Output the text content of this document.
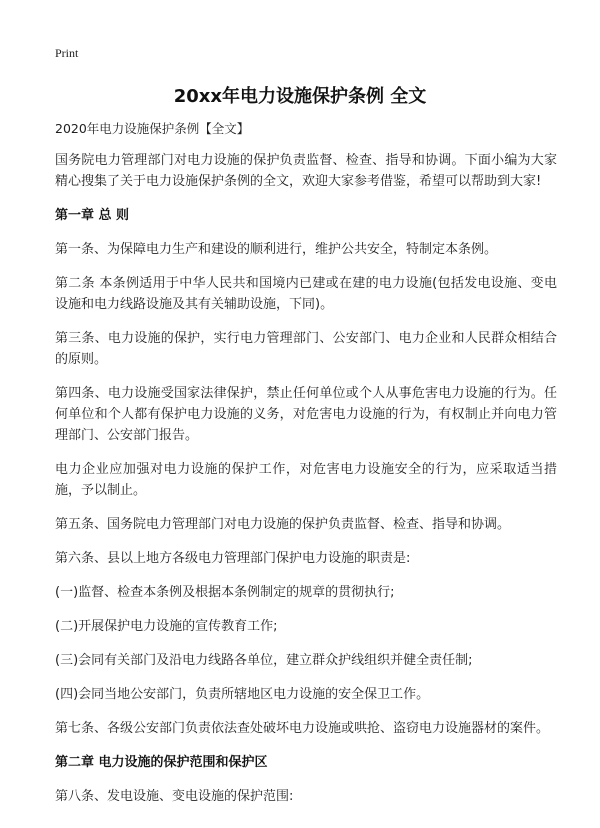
Print
20xx年电力设施保护条例 全文

2020年电力设施保护条例【全文】

国务院电力管理部门对电力设施的保护负责监督、检查、指导和协调。下面小编为大家精心搜集了关于电力设施保护条例的全文，欢迎大家参考借鉴，希望可以帮助到大家!

第一章 总 则

第一条、为保障电力生产和建设的顺利进行，维护公共安全，特制定本条例。

第二条 本条例适用于中华人民共和国境内已建或在建的电力设施(包括发电设施、变电设施和电力线路设施及其有关辅助设施，下同)。

第三条、电力设施的保护，实行电力管理部门、公安部门、电力企业和人民群众相结合的原则。

第四条、电力设施受国家法律保护，禁止任何单位或个人从事危害电力设施的行为。任何单位和个人都有保护电力设施的义务，对危害电力设施的行为，有权制止并向电力管理部门、公安部门报告。

电力企业应加强对电力设施的保护工作，对危害电力设施安全的行为，应采取适当措施，予以制止。

第五条、国务院电力管理部门对电力设施的保护负责监督、检查、指导和协调。

第六条、县以上地方各级电力管理部门保护电力设施的职责是:

(一)监督、检查本条例及根据本条例制定的规章的贯彻执行;

(二)开展保护电力设施的宣传教育工作;

(三)会同有关部门及沿电力线路各单位，建立群众护线组织并健全责任制;

(四)会同当地公安部门，负责所辖地区电力设施的安全保卫工作。

第七条、各级公安部门负责依法查处破坏电力设施或哄抢、盗窃电力设施器材的案件。

第二章 电力设施的保护范围和保护区

第八条、发电设施、变电设施的保护范围:
